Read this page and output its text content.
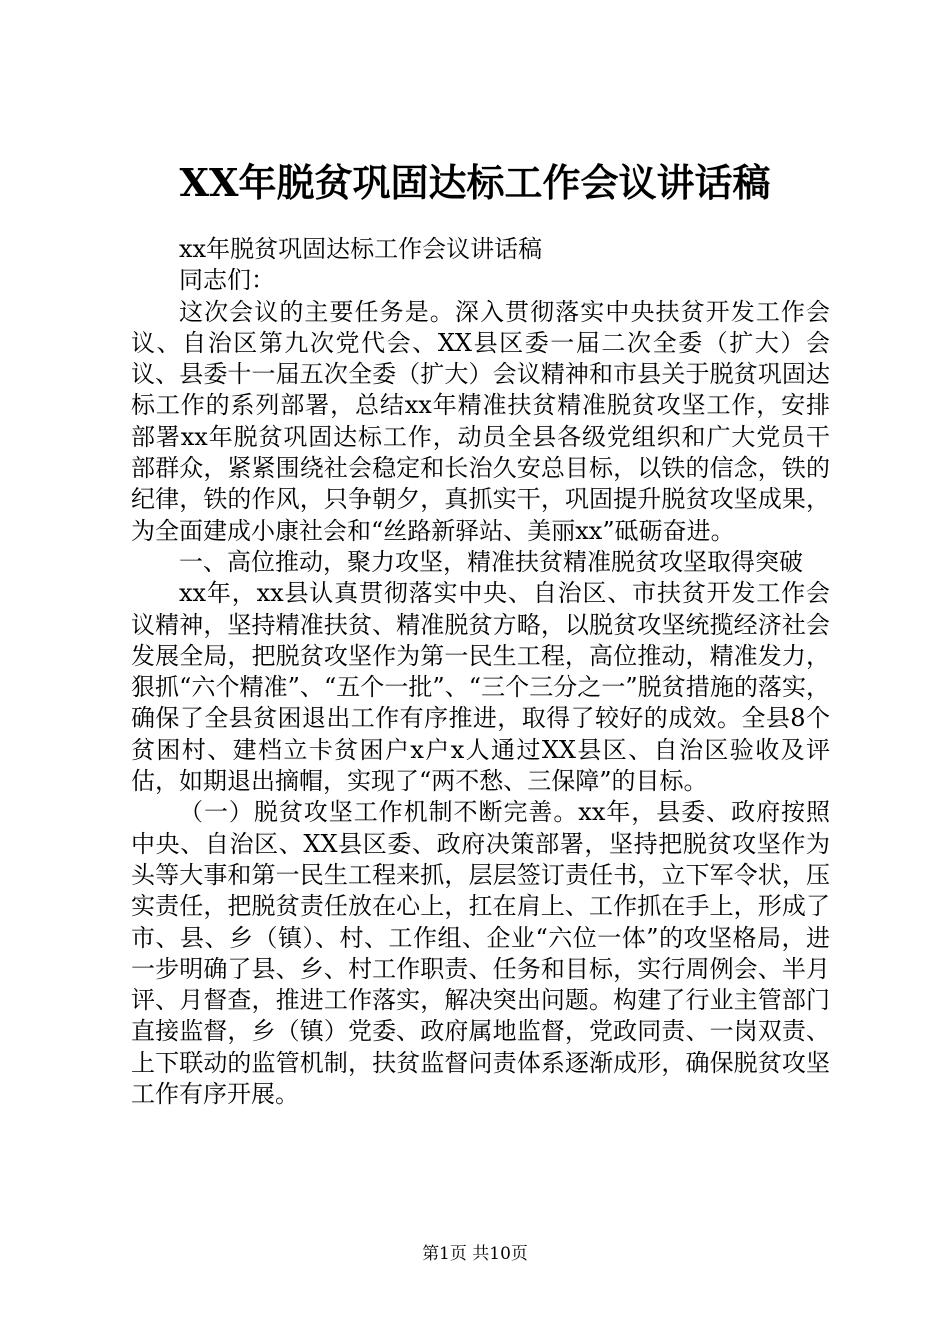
XX年脱贫巩固达标工作会议讲话稿

xx年脱贫巩固达标工作会议讲话稿

同志们：

这次会议的主要任务是。深入贯彻落实中央扶贫开发工作会议、自治区第九次党代会、XX县区委一届二次全委（扩大）会议、县委十一届五次全委（扩大）会议精神和市县关于脱贫巩固达标工作的系列部署，总结xx年精准扶贫精准脱贫攻坚工作，安排部署xx年脱贫巩固达标工作，动员全县各级党组织和广大党员干部群众，紧紧围绕社会稳定和长治久安总目标，以铁的信念，铁的纪律，铁的作风，只争朝夕，真抓实干，巩固提升脱贫攻坚成果，为全面建成小康社会和“丝路新驿站、美丽xx”砥砺奋进。

一、高位推动，聚力攻坚，精准扶贫精准脱贫攻坚取得突破

xx年，xx县认真贯彻落实中央、自治区、市扶贫开发工作会议精神，坚持精准扶贫、精准脱贫方略，以脱贫攻坚统揽经济社会发展全局，把脱贫攻坚作为第一民生工程，高位推动，精准发力，狠抓“六个精准”、“五个一批”、“三个三分之一”脱贫措施的落实，确保了全县贫困退出工作有序推进，取得了较好的成效。全县8个贫困村、建档立卡贫困户x户x人通过XX县区、自治区验收及评估，如期退出摘帽，实现了“两不愁、三保障”的目标。

（一）脱贫攻坚工作机制不断完善。xx年，县委、政府按照中央、自治区、XX县区委、政府决策部署，坚持把脱贫攻坚作为头等大事和第一民生工程来抓，层层签订责任书，立下军令状，压实责任，把脱贫责任放在心上，扛在肩上、工作抓在手上，形成了市、县、乡（镇）、村、工作组、企业“六位一体”的攻坚格局，进一步明确了县、乡、村工作职责、任务和目标，实行周例会、半月评、月督查，推进工作落实，解决突出问题。构建了行业主管部门直接监督，乡（镇）党委、政府属地监督，党政同责、一岗双责、上下联动的监管机制，扶贫监督问责体系逐渐成形，确保脱贫攻坚工作有序开展。

第1页 共10页
